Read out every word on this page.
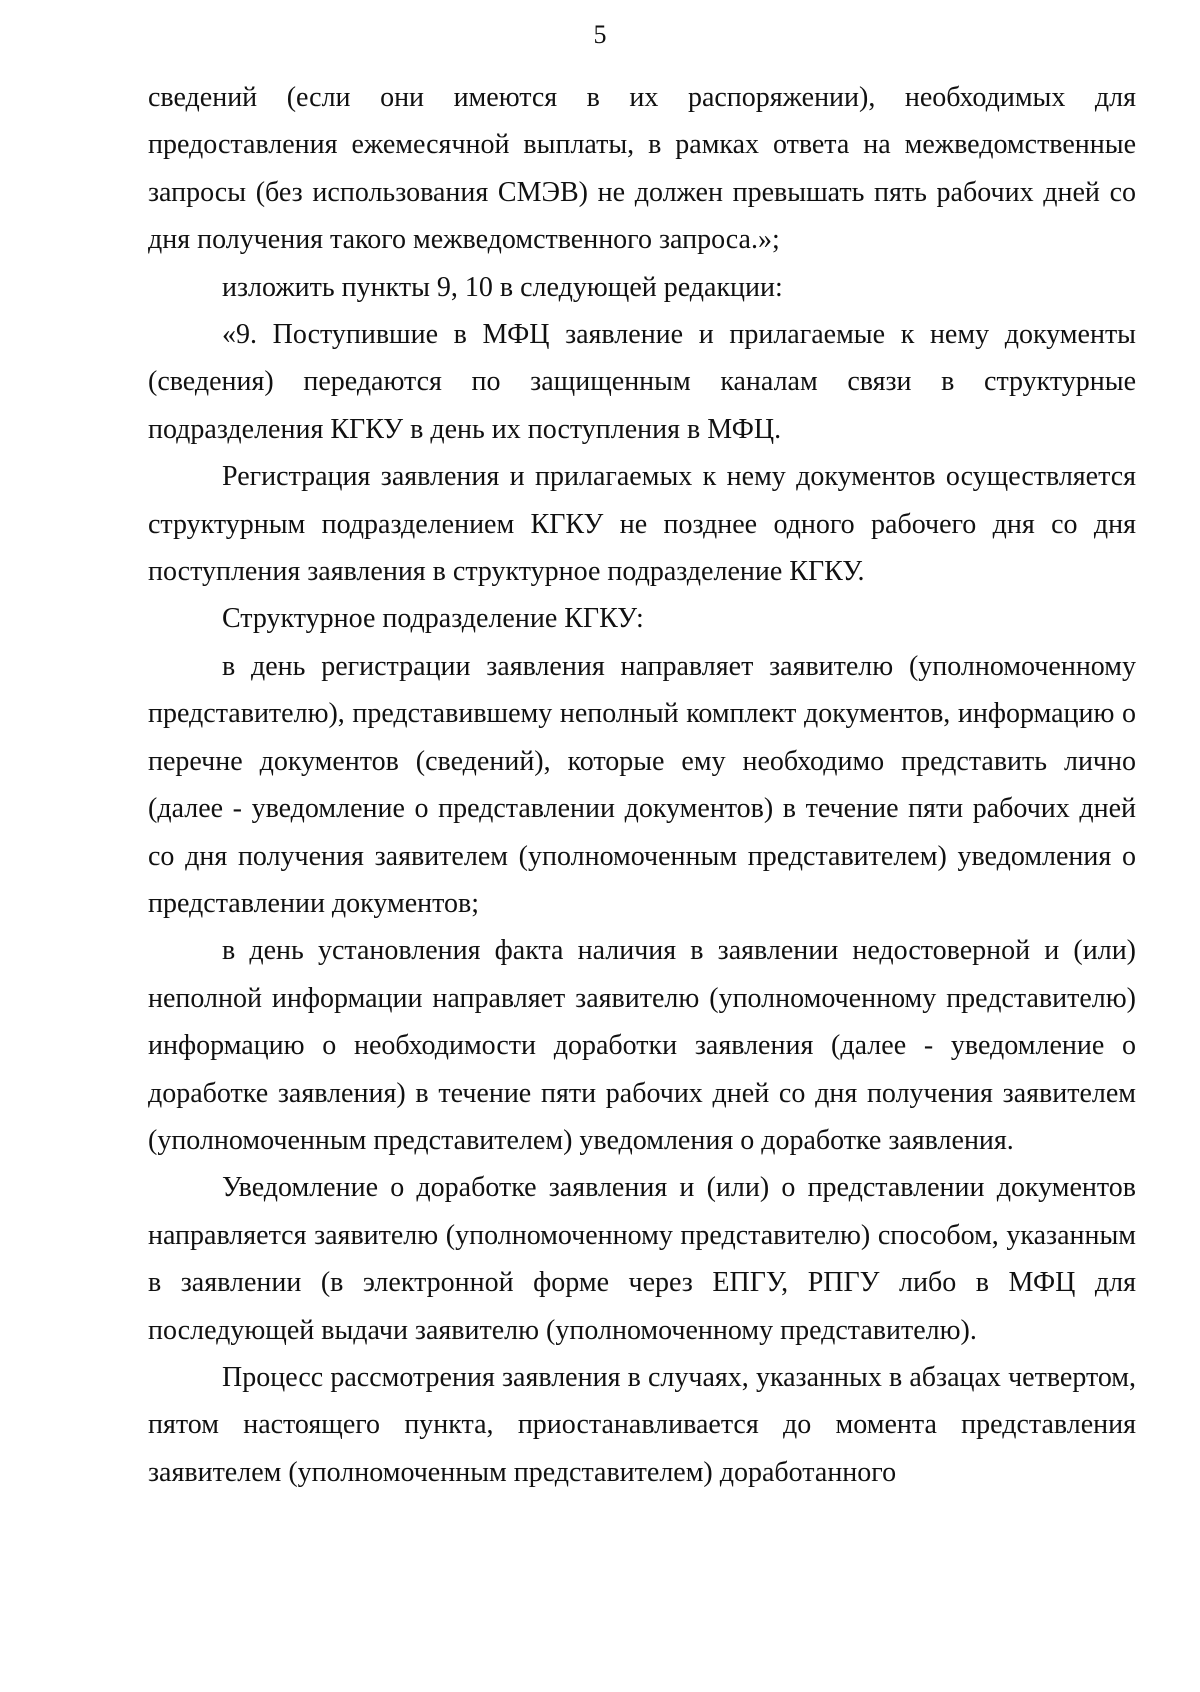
5

сведений (если они имеются в их распоряжении), необходимых для предоставления ежемесячной выплаты, в рамках ответа на межведомственные запросы (без использования СМЭВ) не должен превышать пять рабочих дней со дня получения такого межведомственного запроса.»;

изложить пункты 9, 10 в следующей редакции:

«9. Поступившие в МФЦ заявление и прилагаемые к нему документы (сведения) передаются по защищенным каналам связи в структурные подразделения КГКУ в день их поступления в МФЦ.

Регистрация заявления и прилагаемых к нему документов осуществляется структурным подразделением КГКУ не позднее одного рабочего дня со дня поступления заявления в структурное подразделение КГКУ.

Структурное подразделение КГКУ:

в день регистрации заявления направляет заявителю (уполномоченному представителю), представившему неполный комплект документов, информацию о перечне документов (сведений), которые ему необходимо представить лично (далее - уведомление о представлении документов) в течение пяти рабочих дней со дня получения заявителем (уполномоченным представителем) уведомления о представлении документов;

в день установления факта наличия в заявлении недостоверной и (или) неполной информации направляет заявителю (уполномоченному представителю) информацию о необходимости доработки заявления (далее - уведомление о доработке заявления) в течение пяти рабочих дней со дня получения заявителем (уполномоченным представителем) уведомления о доработке заявления.

Уведомление о доработке заявления и (или) о представлении документов направляется заявителю (уполномоченному представителю) способом, указанным в заявлении (в электронной форме через ЕПГУ, РПГУ либо в МФЦ для последующей выдачи заявителю (уполномоченному представителю).

Процесс рассмотрения заявления в случаях, указанных в абзацах четвертом, пятом настоящего пункта, приостанавливается до момента представления заявителем (уполномоченным представителем) доработанного
